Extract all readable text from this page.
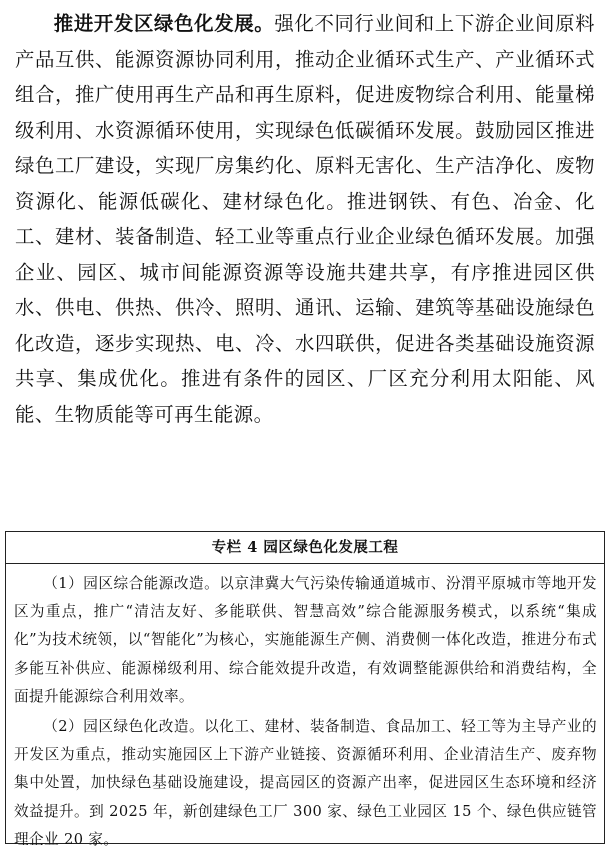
推进开发区绿色化发展。强化不同行业间和上下游企业间原料产品互供、能源资源协同利用，推动企业循环式生产、产业循环式组合，推广使用再生产品和再生原料，促进废物综合利用、能量梯级利用、水资源循环使用，实现绿色低碳循环发展。鼓励园区推进绿色工厂建设，实现厂房集约化、原料无害化、生产洁净化、废物资源化、能源低碳化、建材绿色化。推进钢铁、有色、冶金、化工、建材、装备制造、轻工业等重点行业企业绿色循环发展。加强企业、园区、城市间能源资源等设施共建共享，有序推进园区供水、供电、供热、供冷、照明、通讯、运输、建筑等基础设施绿色化改造，逐步实现热、电、冷、水四联供，促进各类基础设施资源共享、集成优化。推进有条件的园区、厂区充分利用太阳能、风能、生物质能等可再生能源。

专栏 4 园区绿色化发展工程

（1）园区综合能源改造。以京津冀大气污染传输通道城市、汾渭平原城市等地开发区为重点，推广“清洁友好、多能联供、智慧高效”综合能源服务模式，以系统“集成化”为技术统领，以“智能化”为核心，实施能源生产侧、消费侧一体化改造，推进分布式多能互补供应、能源梯级利用、综合能效提升改造，有效调整能源供给和消费结构，全面提升能源综合利用效率。

（2）园区绿色化改造。以化工、建材、装备制造、食品加工、轻工等为主导产业的开发区为重点，推动实施园区上下游产业链接、资源循环利用、企业清洁生产、废弃物集中处置，加快绿色基础设施建设，提高园区的资源产出率，促进园区生态环境和经济效益提升。到 2025 年，新创建绿色工厂 300 家、绿色工业园区 15 个、绿色供应链管理企业 20 家。
